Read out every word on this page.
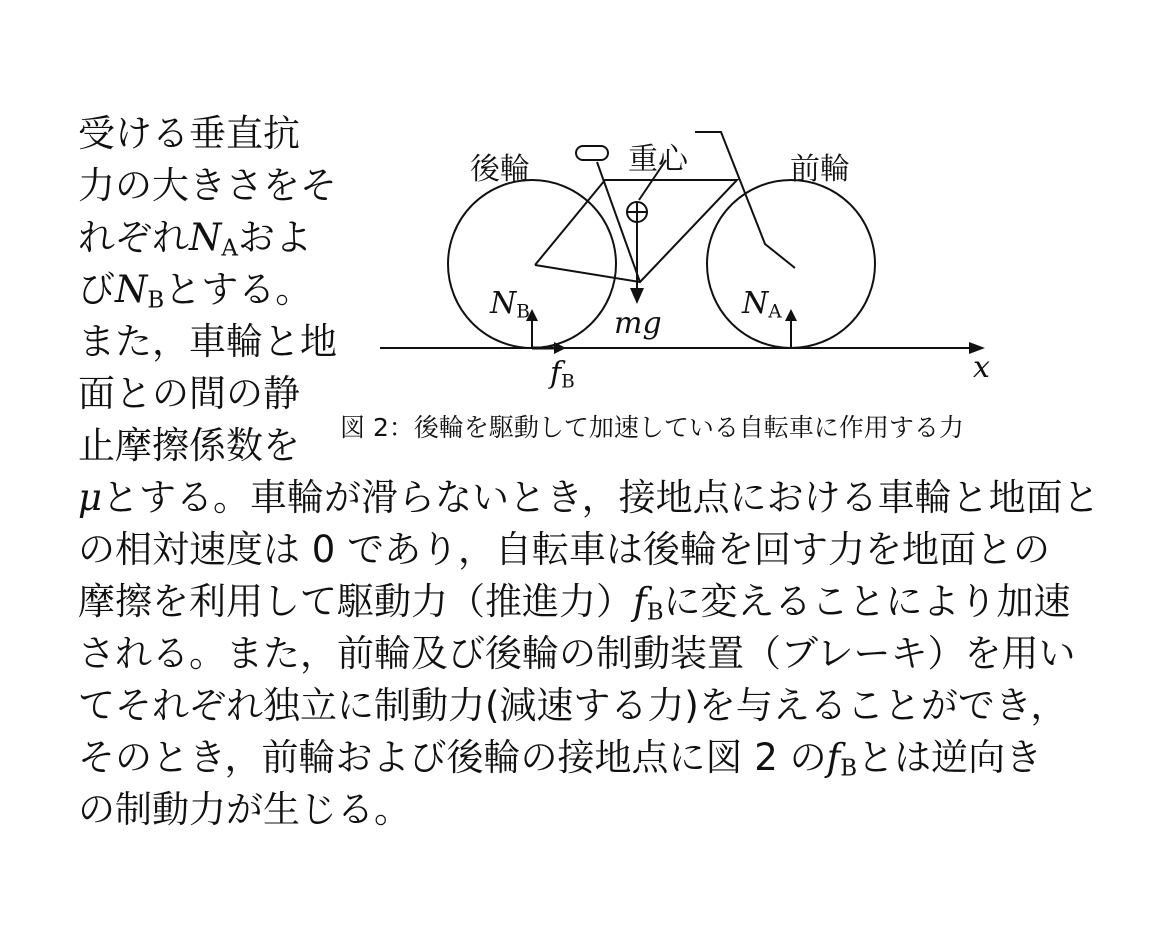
受ける垂直抗
力の大きさをそ
れぞれ$N_A$およ
び$N_B$とする。
また，車輪と地
面との間の静
止摩擦係数を
μとする。車輪が滑らないとき，接地点における車輪と地面と
の相対速度は 0 であり，自転車は後輪を回す力を地面との
摩擦を利用して駆動力（推進力）$f_B$に変えることにより加速
される。また，前輪及び後輪の制動装置（ブレーキ）を用い
てそれぞれ独立に制動力(減速する力)を与えることができ，
そのとき，前輪および後輪の接地点に図 2 の$f_B$とは逆向き
の制動力が生じる。
後輪	重心	前輪
$N_B$	$N_A$
mg
$f_B$	x
図 2：後輪を駆動して加速している自転車に作用する力
